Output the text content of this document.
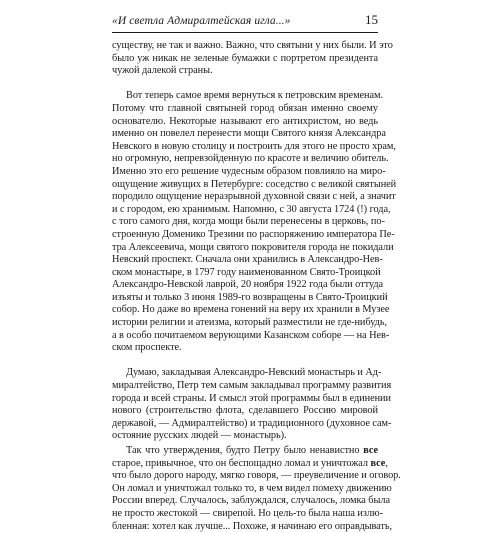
«И светла Адмиралтейская игла...»	15
существу, не так и важно. Важно, что святыни у них были. И это
было уж никак не зеленые бумажки с портретом президента
чужой далекой страны.
Вот теперь самое время вернуться к петровским временам.
Потому что главной святыней город обязан именно своему
основателю. Некоторые называют его антихристом, но ведь
именно он повелел перенести мощи Святого князя Александра
Невского в новую столицу и построить для этого не просто храм,
но огромную, непревзойденную по красоте и величию обитель.
Именно это его решение чудесным образом повлияло на миро-
ощущение живущих в Петербурге: соседство с великой святыней
породило ощущение неразрывной духовной связи с ней, а значит
и с городом, ею хранимым. Напомню, с 30 августа 1724 (!) года,
с того самого дня, когда мощи были перенесены в церковь, по-
строенную Доменико Трезини по распоряжению императора Пе-
тра Алексеевича, мощи святого покровителя города не покидали
Невский проспект. Сначала они хранились в Александро-Нев-
ском монастыре, в 1797 году наименованном Свято-Троицкой
Александро-Невской лаврой, 20 ноября 1922 года были оттуда
изъяты и только 3 июня 1989-го возвращены в Свято-Троицкий
собор. Но даже во времена гонений на веру их хранили в Музее
истории религии и атеизма, который разместили не где-нибудь,
а в особо почитаемом верующими Казанском соборе — на Нев-
ском проспекте.
Думаю, закладывая Александро-Невский монастырь и Ад-
миралтейство, Петр тем самым закладывал программу развития
города и всей страны. И смысл этой программы был в единении
нового (строительство флота, сделавшего Россию мировой
державой, — Адмиралтейство) и традиционного (духовное сам-
остояние русских людей — монастырь).
Так что утверждения, будто Петру было ненавистно все
старое, привычное, что он беспощадно ломал и уничтожал все,
что было дорого народу, мягко говоря, — преувеличение и оговор.
Он ломал и уничтожал только то, в чем видел помеху движению
России вперед. Случалось, заблуждался, случалось, ломка была
не просто жестокой — свирепой. Но цель-то была наша излю-
бленная: хотел как лучше... Похоже, я начинаю его оправдывать,
